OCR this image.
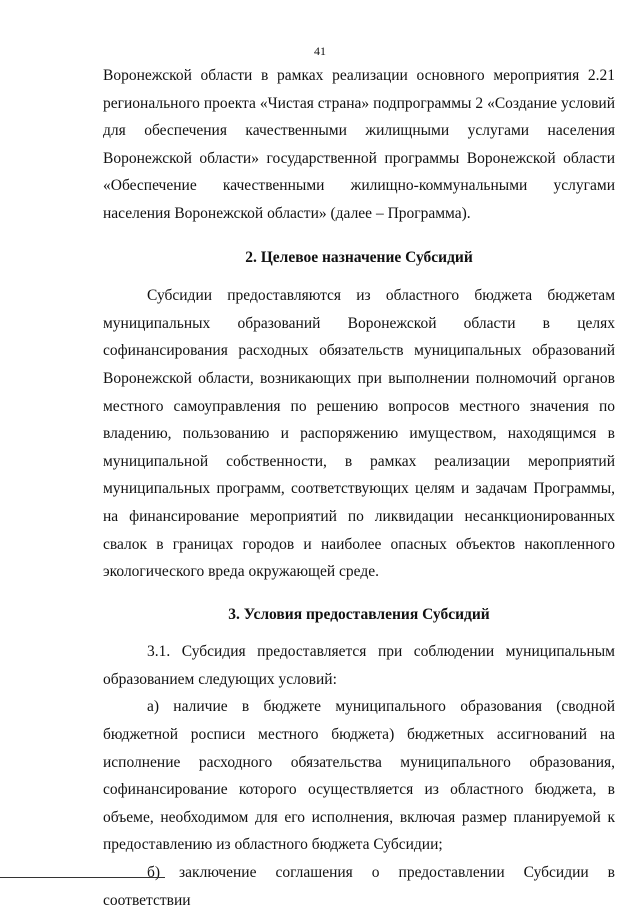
41

Воронежской области в рамках реализации основного мероприятия 2.21 регионального проекта «Чистая страна» подпрограммы 2 «Создание условий для обеспечения качественными жилищными услугами населения Воронежской области» государственной программы Воронежской области «Обеспечение качественными жилищно-коммунальными услугами населения Воронежской области» (далее – Программа).

2. Целевое назначение Субсидий

Субсидии предоставляются из областного бюджета бюджетам муниципальных образований Воронежской области в целях софинансирования расходных обязательств муниципальных образований Воронежской области, возникающих при выполнении полномочий органов местного самоуправления по решению вопросов местного значения по владению, пользованию и распоряжению имуществом, находящимся в муниципальной собственности, в рамках реализации мероприятий муниципальных программ, соответствующих целям и задачам Программы, на финансирование мероприятий по ликвидации несанкционированных свалок в границах городов и наиболее опасных объектов накопленного экологического вреда окружающей среде.

3. Условия предоставления Субсидий

3.1. Субсидия предоставляется при соблюдении муниципальным образованием следующих условий:

а) наличие в бюджете муниципального образования (сводной бюджетной росписи местного бюджета) бюджетных ассигнований на исполнение расходного обязательства муниципального образования, софинансирование которого осуществляется из областного бюджета, в объеме, необходимом для его исполнения, включая размер планируемой к предоставлению из областного бюджета Субсидии;

б) заключение соглашения о предоставлении Субсидии в соответствии
